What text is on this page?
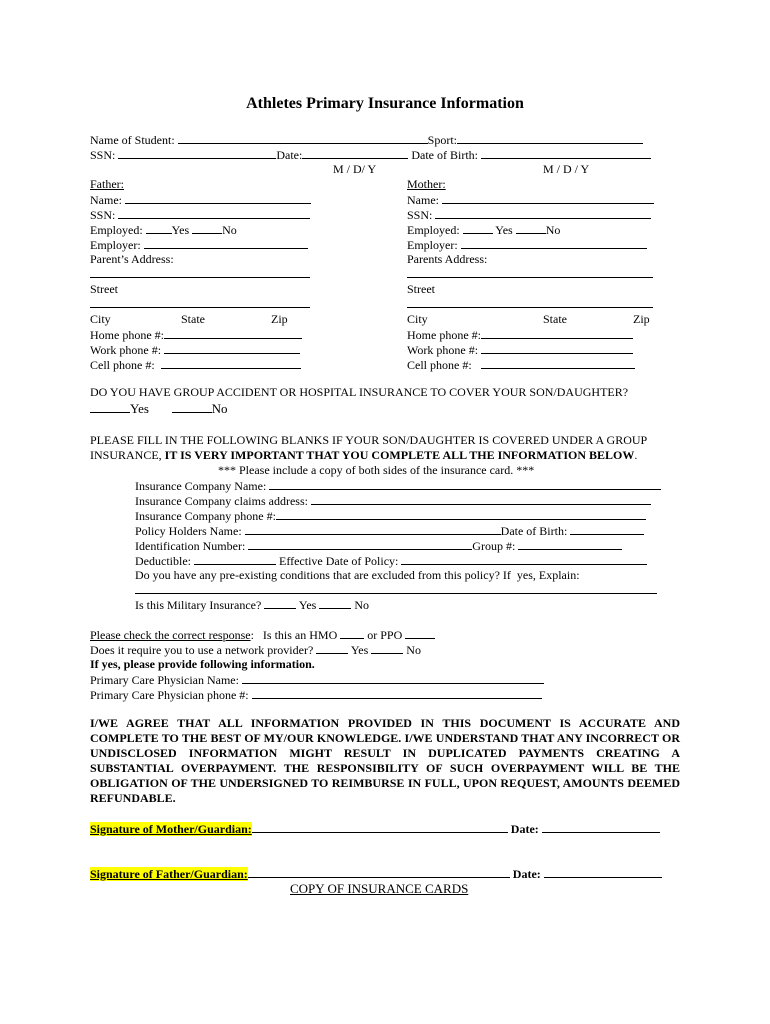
Athletes Primary Insurance Information
Name of Student:	Sport:
SSN:	Date:	Date of Birth:
M / D/ Y	M / D / Y
Father:
Name:
SSN:
Employed: Yes	No
Employer:
Parent’s Address:
Street
City	State	Zip
Home phone #:
Work phone #:
Cell phone #:
Mother:
Name:
SSN:
Employed:	Yes	No
Employer:
Parents Address:
Street
City	State	Zip
Home phone #:
Work phone #:
Cell phone #:
DO YOU HAVE GROUP ACCIDENT OR HOSPITAL INSURANCE TO COVER YOUR SON/DAUGHTER?
Yes	No
PLEASE FILL IN THE FOLLOWING BLANKS IF YOUR SON/DAUGHTER IS COVERED UNDER A GROUP
INSURANCE, IT IS VERY IMPORTANT THAT YOU COMPLETE ALL THE INFORMATION BELOW.
*** Please include a copy of both sides of the insurance card. ***
Insurance Company Name:
Insurance Company claims address:
Insurance Company phone #:
Policy Holders Name:	Date of Birth:
Identification Number:	Group #:
Deductible:	Effective Date of Policy:
Do you have any pre-existing conditions that are excluded from this policy? If  yes, Explain:
Is this Military Insurance?	Yes	No
Please check the correct response:   Is this an HMO	or PPO
Does it require you to use a network provider?	Yes	No
If yes, please provide following information.
Primary Care Physician Name:
Primary Care Physician phone #:
I/WE AGREE THAT ALL INFORMATION PROVIDED IN THIS DOCUMENT IS ACCURATE AND COMPLETE TO THE BEST OF MY/OUR KNOWLEDGE. I/WE UNDERSTAND THAT ANY INCORRECT OR UNDISCLOSED INFORMATION MIGHT RESULT IN DUPLICATED PAYMENTS CREATING A SUBSTANTIAL OVERPAYMENT. THE RESPONSIBILITY OF SUCH OVERPAYMENT WILL BE THE OBLIGATION OF THE UNDERSIGNED TO REIMBURSE IN FULL, UPON REQUEST, AMOUNTS DEEMED REFUNDABLE.
Signature of Mother/Guardian:	Date:
Signature of Father/Guardian:	Date:
COPY OF INSURANCE CARDS
